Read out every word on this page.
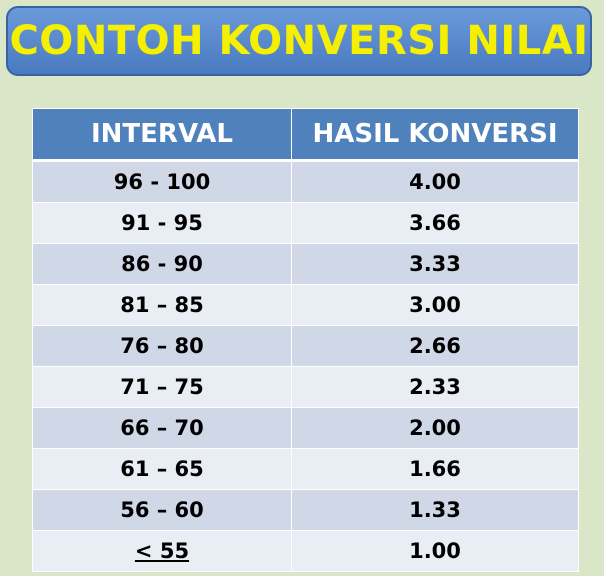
CONTOH KONVERSI NILAI
INTERVAL	HASIL KONVERSI
96 - 100	4.00
91 - 95	3.66
86 - 90	3.33
81 – 85	3.00
76 – 80	2.66
71 – 75	2.33
66 – 70	2.00
61 – 65	1.66
56 – 60	1.33
< 55	1.00
